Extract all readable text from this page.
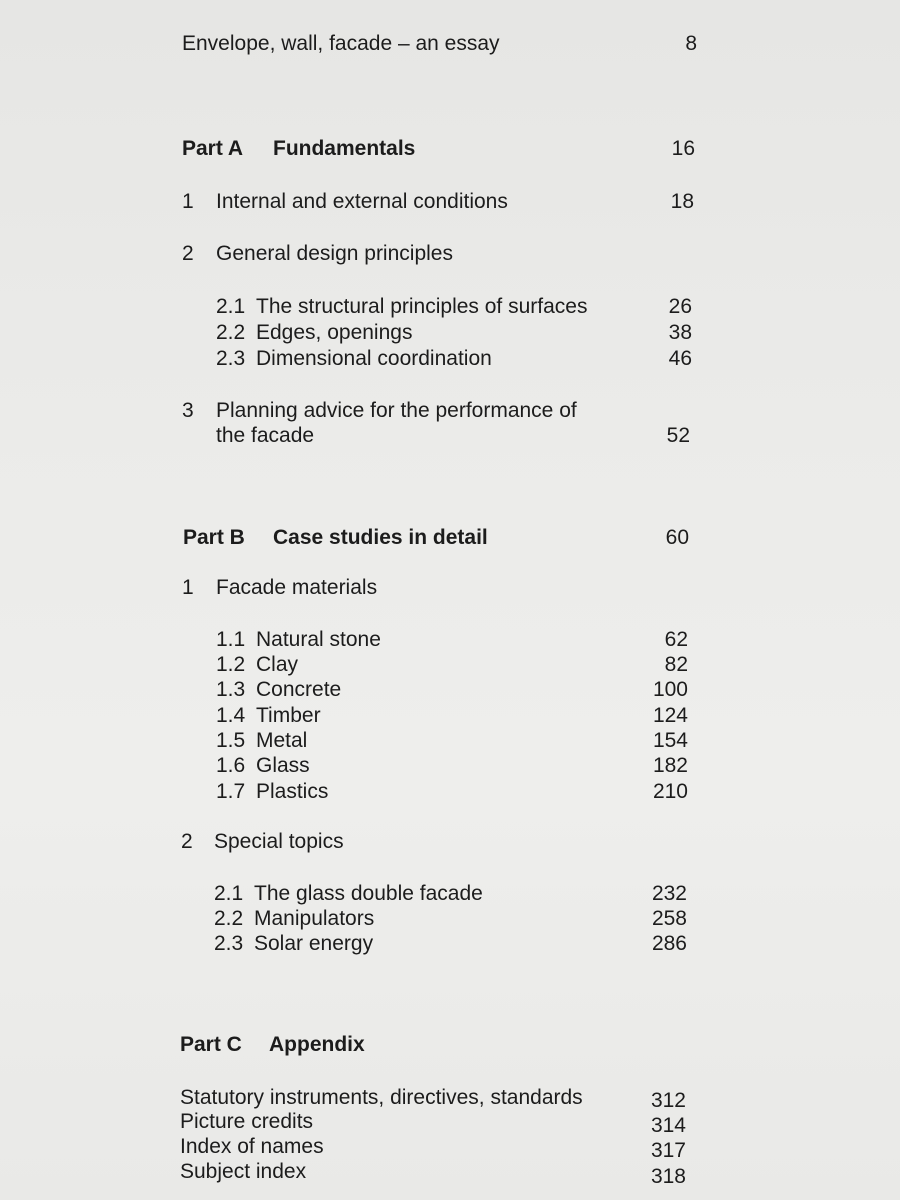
Envelope, wall, facade – an essay	8
Part A Fundamentals	16
1 Internal and external conditions	18
2 General design principles
2.1 The structural principles of surfaces	26
2.2 Edges, openings	38
2.3 Dimensional coordination	46
3 Planning advice for the performance of
the facade	52
Part B Case studies in detail	60
1 Facade materials
1.1 Natural stone	62
1.2 Clay	82
1.3 Concrete	100
1.4 Timber	124
1.5 Metal	154
1.6 Glass	182
1.7 Plastics	210
2 Special topics
2.1 The glass double facade	232
2.2 Manipulators	258
2.3 Solar energy	286
Part C Appendix
Statutory instruments, directives, standards	312
Picture credits	314
Index of names	317
Subject index	318
